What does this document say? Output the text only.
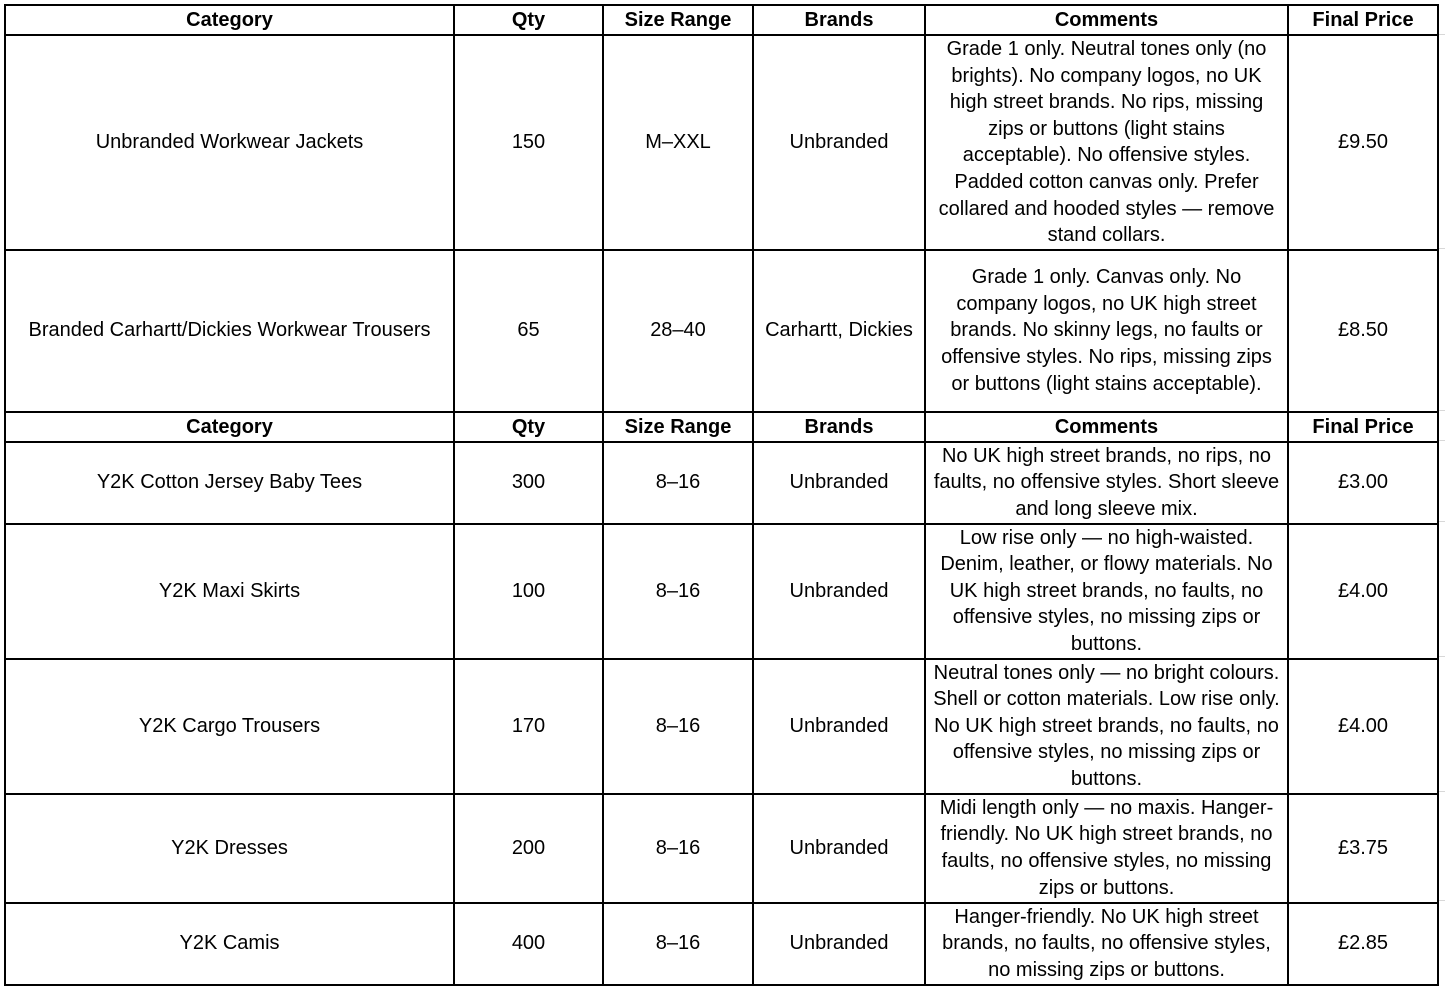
Category	Qty	Size Range	Brands	Comments	Final Price
Unbranded Workwear Jackets	150	M–XXL	Unbranded	Grade 1 only. Neutral tones only (no brights). No company logos, no UK high street brands. No rips, missing zips or buttons (light stains acceptable). No offensive styles. Padded cotton canvas only. Prefer collared and hooded styles — remove stand collars.	£9.50
Branded Carhartt/Dickies Workwear Trousers	65	28–40	Carhartt, Dickies	Grade 1 only. Canvas only. No company logos, no UK high street brands. No skinny legs, no faults or offensive styles. No rips, missing zips or buttons (light stains acceptable).	£8.50
Category	Qty	Size Range	Brands	Comments	Final Price
Y2K Cotton Jersey Baby Tees	300	8–16	Unbranded	No UK high street brands, no rips, no faults, no offensive styles. Short sleeve and long sleeve mix.	£3.00
Y2K Maxi Skirts	100	8–16	Unbranded	Low rise only — no high-waisted. Denim, leather, or flowy materials. No UK high street brands, no faults, no offensive styles, no missing zips or buttons.	£4.00
Y2K Cargo Trousers	170	8–16	Unbranded	Neutral tones only — no bright colours. Shell or cotton materials. Low rise only. No UK high street brands, no faults, no offensive styles, no missing zips or buttons.	£4.00
Y2K Dresses	200	8–16	Unbranded	Midi length only — no maxis. Hanger-friendly. No UK high street brands, no faults, no offensive styles, no missing zips or buttons.	£3.75
Y2K Camis	400	8–16	Unbranded	Hanger-friendly. No UK high street brands, no faults, no offensive styles, no missing zips or buttons.	£2.85
